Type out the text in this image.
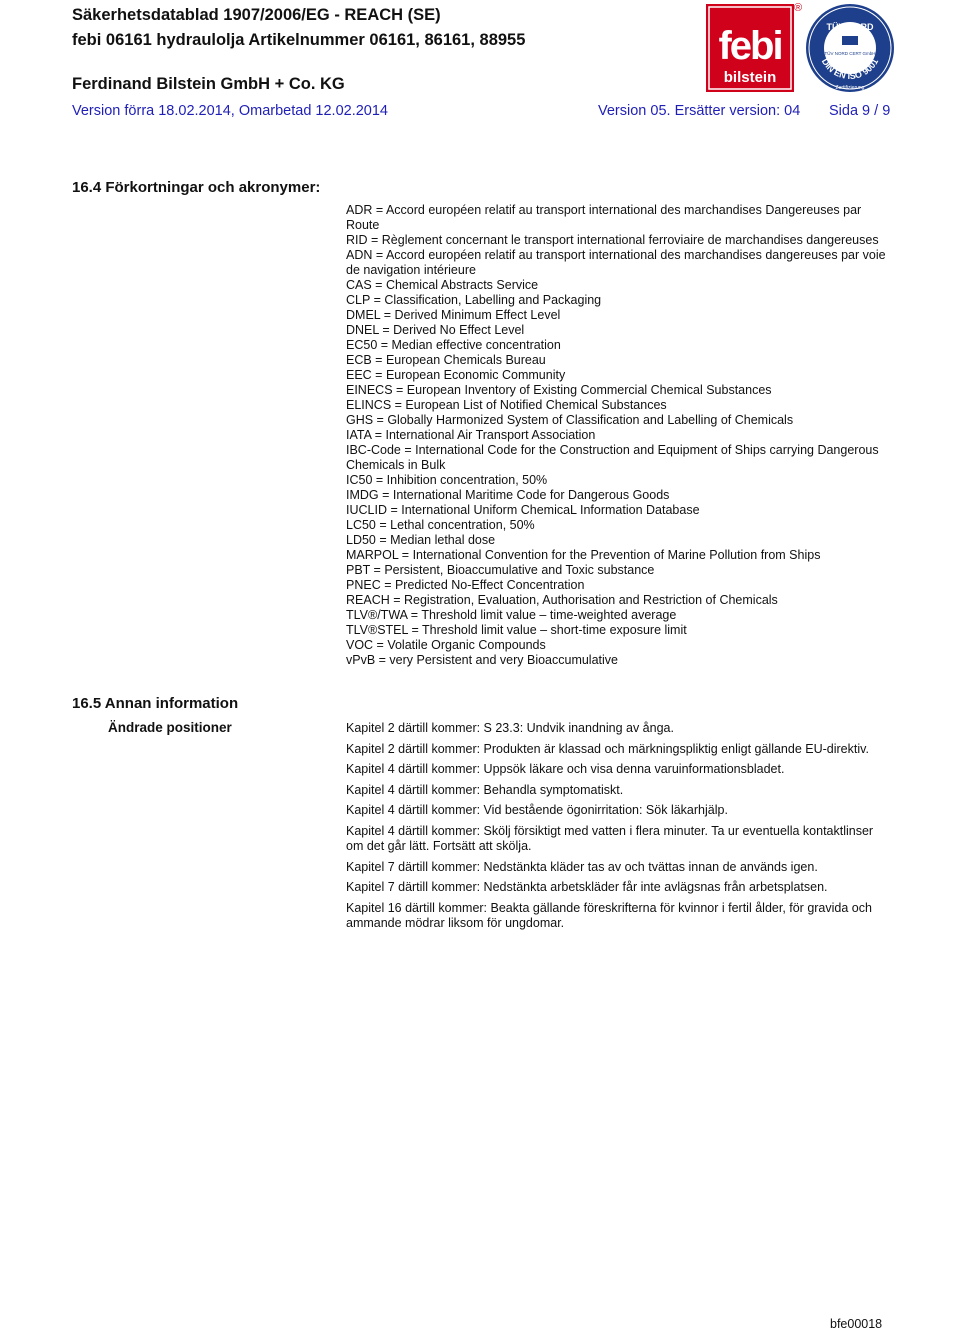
Säkerhetsdatablad 1907/2006/EG - REACH (SE)
febi 06161 hydraulolja Artikelnummer 06161, 86161, 88955
Ferdinand Bilstein GmbH + Co. KG
Version förra 18.02.2014, Omarbetad 12.02.2014	Version 05. Ersätter version: 04 Sida 9 / 9
febi
bilstein
®
TÜV NORD
TÜV NORD CERT GmbH
DIN EN ISO 9001
Zertifizierung
16.4 Förkortningar och akronymer:
ADR = Accord européen relatif au transport international des marchandises Dangereuses par Route
RID = Règlement concernant le transport international ferroviaire de marchandises dangereuses
ADN = Accord européen relatif au transport international des marchandises dangereuses par voie de navigation intérieure
CAS = Chemical Abstracts Service
CLP = Classification, Labelling and Packaging
DMEL = Derived Minimum Effect Level
DNEL = Derived No Effect Level
EC50 = Median effective concentration
ECB = European Chemicals Bureau
EEC = European Economic Community
EINECS = European Inventory of Existing Commercial Chemical Substances
ELINCS = European List of Notified Chemical Substances
GHS = Globally Harmonized System of Classification and Labelling of Chemicals
IATA = International Air Transport Association
IBC-Code = International Code for the Construction and Equipment of Ships carrying Dangerous Chemicals in Bulk
IC50 = Inhibition concentration, 50%
IMDG = International Maritime Code for Dangerous Goods
IUCLID = International Uniform ChemicaL Information Database
LC50 = Lethal concentration, 50%
LD50 = Median lethal dose
MARPOL = International Convention for the Prevention of Marine Pollution from Ships
PBT = Persistent, Bioaccumulative and Toxic substance
PNEC = Predicted No-Effect Concentration
REACH = Registration, Evaluation, Authorisation and Restriction of Chemicals
TLV®/TWA = Threshold limit value – time-weighted average
TLV®STEL = Threshold limit value – short-time exposure limit
VOC = Volatile Organic Compounds
vPvB = very Persistent and very Bioaccumulative
16.5 Annan information
Ändrade positioner	Kapitel 2 därtill kommer: S 23.3: Undvik inandning av ånga.
Kapitel 2 därtill kommer: Produkten är klassad och märkningspliktig enligt gällande EU-direktiv.
Kapitel 4 därtill kommer: Uppsök läkare och visa denna varuinformationsbladet.
Kapitel 4 därtill kommer: Behandla symptomatiskt.
Kapitel 4 därtill kommer: Vid bestående ögonirritation: Sök läkarhjälp.
Kapitel 4 därtill kommer: Skölj försiktigt med vatten i flera minuter. Ta ur eventuella kontaktlinser om det går lätt. Fortsätt att skölja.
Kapitel 7 därtill kommer: Nedstänkta kläder tas av och tvättas innan de används igen.
Kapitel 7 därtill kommer: Nedstänkta arbetskläder får inte avlägsnas från arbetsplatsen.
Kapitel 16 därtill kommer: Beakta gällande föreskrifterna för kvinnor i fertil ålder, för gravida och ammande mödrar liksom för ungdomar.
bfe00018
